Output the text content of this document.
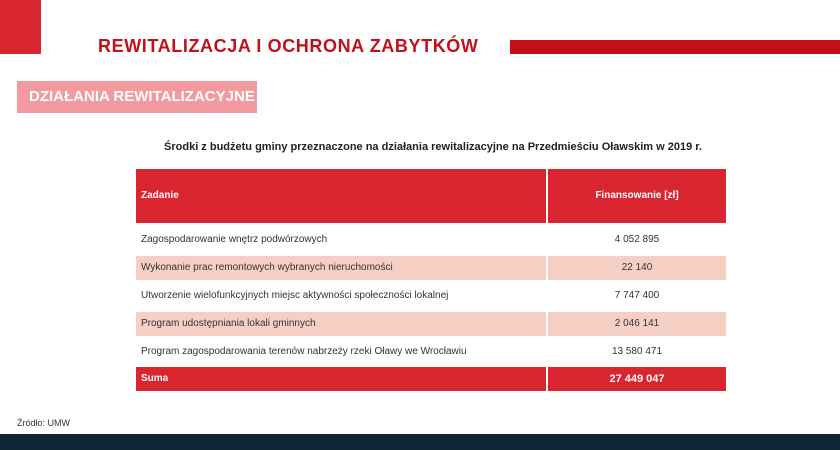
REWITALIZACJA I OCHRONA ZABYTKÓW
DZIAŁANIA REWITALIZACYJNE
Środki z budżetu gminy przeznaczone na działania rewitalizacyjne na Przedmieściu Oławskim w 2019 r.
Zadanie	Finansowanie [zł]
Zagospodarowanie wnętrz podwórzowych	4 052 895
Wykonanie prac remontowych wybranych nieruchomości	22 140
Utworzenie wielofunkcyjnych miejsc aktywności społeczności lokalnej	7 747 400
Program udostępniania lokali gminnych	2 046 141
Program zagospodarowania terenów nabrzeży rzeki Oławy we Wrocławiu	13 580 471
Suma	27 449 047
Źródło: UMW
